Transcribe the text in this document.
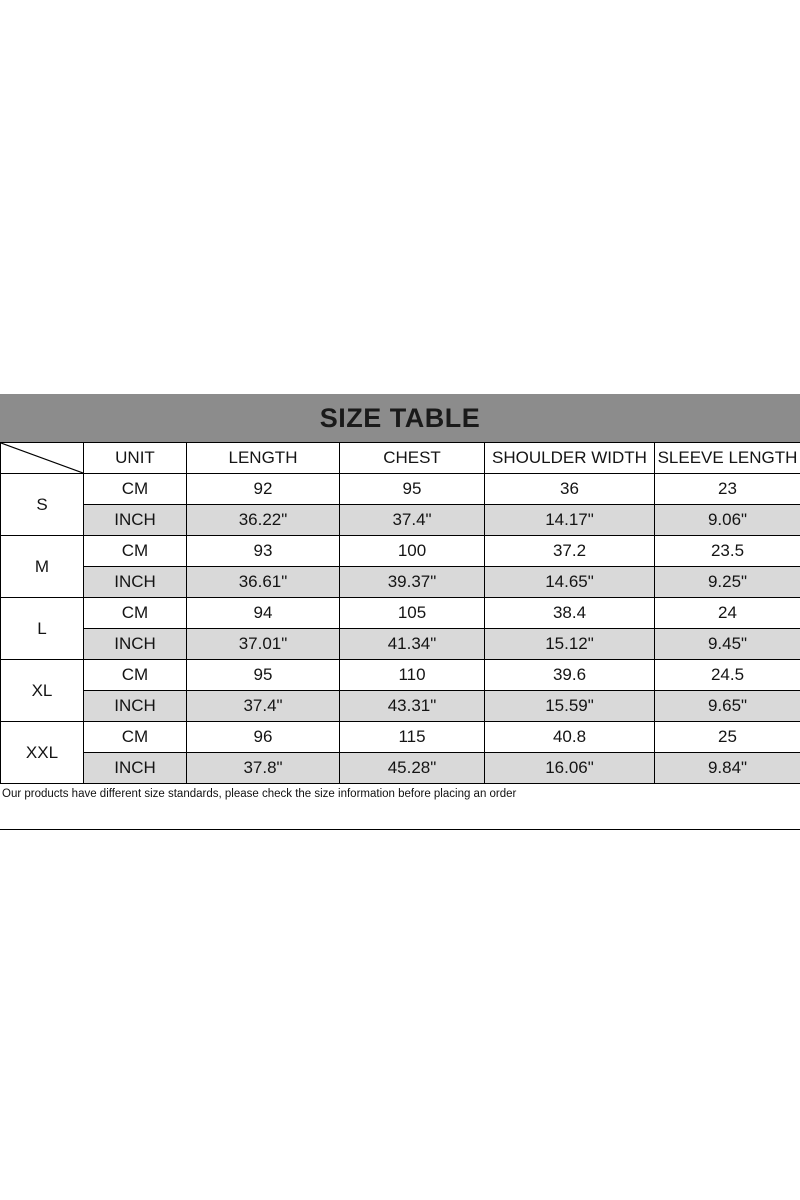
SIZE TABLE
	UNIT	LENGTH	CHEST	SHOULDER WIDTH	SLEEVE LENGTH
S	CM	92	95	36	23
	INCH	36.22"	37.4"	14.17"	9.06"
M	CM	93	100	37.2	23.5
	INCH	36.61"	39.37"	14.65"	9.25"
L	CM	94	105	38.4	24
	INCH	37.01"	41.34"	15.12"	9.45"
XL	CM	95	110	39.6	24.5
	INCH	37.4"	43.31"	15.59"	9.65"
XXL	CM	96	115	40.8	25
	INCH	37.8"	45.28"	16.06"	9.84"
Our products have different size standards, please check the size information before placing an order
